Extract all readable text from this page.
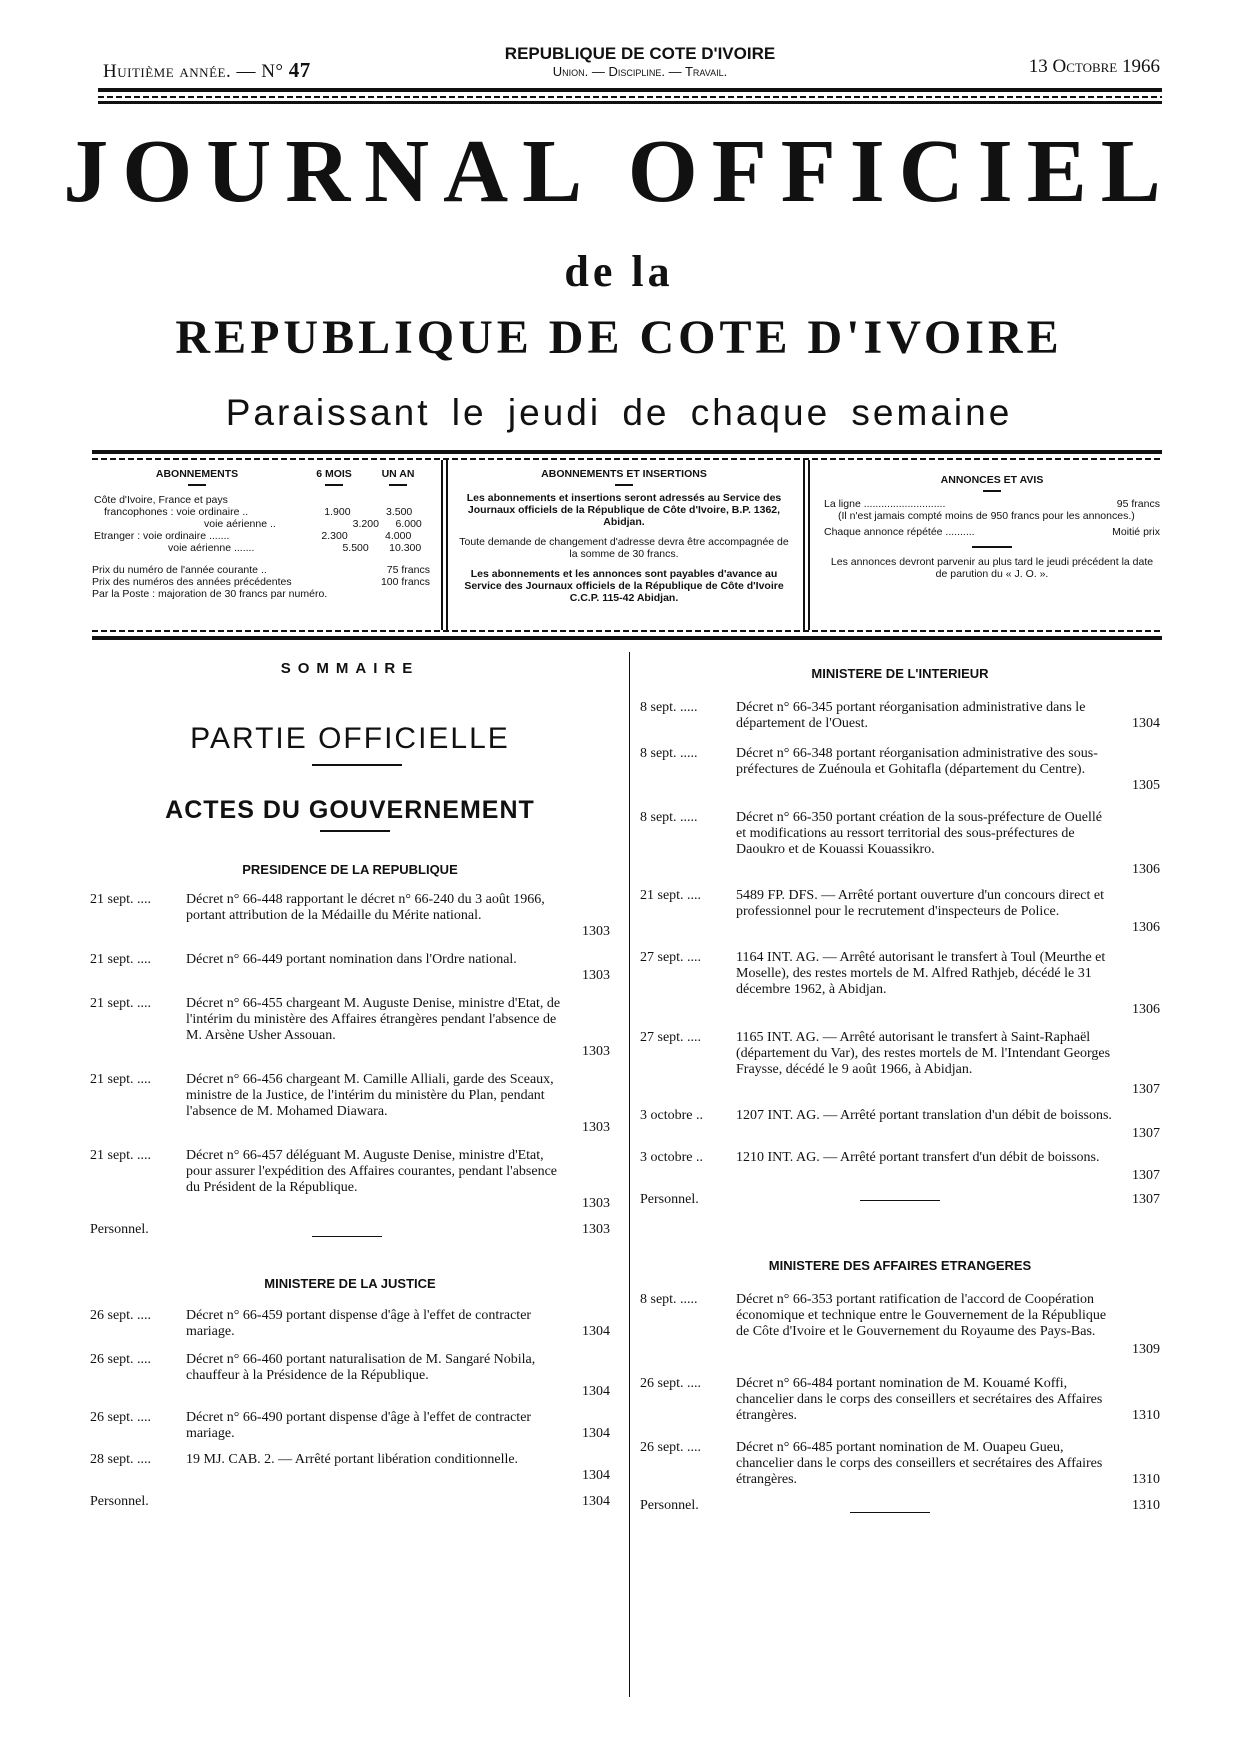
Huitième année. — N° 47
REPUBLIQUE DE COTE D'IVOIRE
Union. — Discipline. — Travail.	13 Octobre 1966
JOURNAL OFFICIEL
de la
REPUBLIQUE DE COTE D'IVOIRE
Paraissant le jeudi de chaque semaine
ABONNEMENTS	6 MOIS	UN AN
Côte d'Ivoire, France et pays
francophones : voie ordinaire ..	1.900	3.500
voie aérienne ..	3.200	6.000
Etranger : voie ordinaire .......	2.300	4.000
voie aérienne .......	5.500	10.300
Prix du numéro de l'année courante ..	75 francs
Prix des numéros des années précédentes	100 francs
Par la Poste : majoration de 30 francs par numéro.
ABONNEMENTS ET INSERTIONS
Les abonnements et insertions seront adressés au Service des Journaux officiels de la République de Côte d'Ivoire, B.P. 1362, Abidjan.
Toute demande de changement d'adresse devra être accompagnée de la somme de 30 francs.
Les abonnements et les annonces sont payables d'avance au Service des Journaux officiels de la République de Côte d'Ivoire C.C.P. 115-42 Abidjan.
ANNONCES ET AVIS
La ligne ............................	95 francs
(Il n'est jamais compté moins de 950 francs pour les annonces.)
Chaque annonce répétée ..........	Moitié prix
Les annonces devront parvenir au plus tard le jeudi précédent la date de parution du « J. O. ».
SOMMAIRE
PARTIE OFFICIELLE
ACTES DU GOUVERNEMENT
PRESIDENCE DE LA REPUBLIQUE
21 sept. ....	Décret n° 66-448 rapportant le décret n° 66-240 du 3 août 1966, portant attribution de la Médaille du Mérite national.
1303
21 sept. ....	Décret n° 66-449 portant nomination dans l'Ordre national.
1303
21 sept. ....	Décret n° 66-455 chargeant M. Auguste Denise, ministre d'Etat, de l'intérim du ministère des Affaires étrangères pendant l'absence de M. Arsène Usher Assouan.
1303
21 sept. ....	Décret n° 66-456 chargeant M. Camille Alliali, garde des Sceaux, ministre de la Justice, de l'intérim du ministère du Plan, pendant l'absence de M. Mohamed Diawara.
1303
21 sept. ....	Décret n° 66-457 déléguant M. Auguste Denise, ministre d'Etat, pour assurer l'expédition des Affaires courantes, pendant l'absence du Président de la République.
1303
Personnel.	1303
MINISTERE DE LA JUSTICE
26 sept. ....	Décret n° 66-459 portant dispense d'âge à l'effet de contracter mariage.	1304
26 sept. ....	Décret n° 66-460 portant naturalisation de M. Sangaré Nobila, chauffeur à la Présidence de la République.
1304
26 sept. ....	Décret n° 66-490 portant dispense d'âge à l'effet de contracter mariage.	1304
28 sept. ....	19 MJ. CAB. 2. — Arrêté portant libération conditionnelle.
1304
Personnel.	1304
MINISTERE DE L'INTERIEUR
8 sept. .....	Décret n° 66-345 portant réorganisation administrative dans le département de l'Ouest.	1304
8 sept. .....	Décret n° 66-348 portant réorganisation administrative des sous-préfectures de Zuénoula et Gohitafla (département du Centre).
1305
8 sept. .....	Décret n° 66-350 portant création de la sous-préfecture de Ouellé et modifications au ressort territorial des sous-préfectures de Daoukro et de Kouassi Kouassikro.
1306
21 sept. ....	5489 FP. DFS. — Arrêté portant ouverture d'un concours direct et professionnel pour le recrutement d'inspecteurs de Police.
1306
27 sept. ....	1164 INT. AG. — Arrêté autorisant le transfert à Toul (Meurthe et Moselle), des restes mortels de M. Alfred Rathjeb, décédé le 31 décembre 1962, à Abidjan.
1306
27 sept. ....	1165 INT. AG. — Arrêté autorisant le transfert à Saint-Raphaël (département du Var), des restes mortels de M. l'Intendant Georges Fraysse, décédé le 9 août 1966, à Abidjan.
1307
3 octobre ..	1207 INT. AG. — Arrêté portant translation d'un débit de boissons.
1307
3 octobre ..	1210 INT. AG. — Arrêté portant transfert d'un débit de boissons.
1307
Personnel.	1307
MINISTERE DES AFFAIRES ETRANGERES
8 sept. .....	Décret n° 66-353 portant ratification de l'accord de Coopération économique et technique entre le Gouvernement de la République de Côte d'Ivoire et le Gouvernement du Royaume des Pays-Bas.
1309
26 sept. ....	Décret n° 66-484 portant nomination de M. Kouamé Koffi, chancelier dans le corps des conseillers et secrétaires des Affaires étrangères.	1310
26 sept. ....	Décret n° 66-485 portant nomination de M. Ouapeu Gueu, chancelier dans le corps des conseillers et secrétaires des Affaires étrangères.	1310
Personnel.	1310
